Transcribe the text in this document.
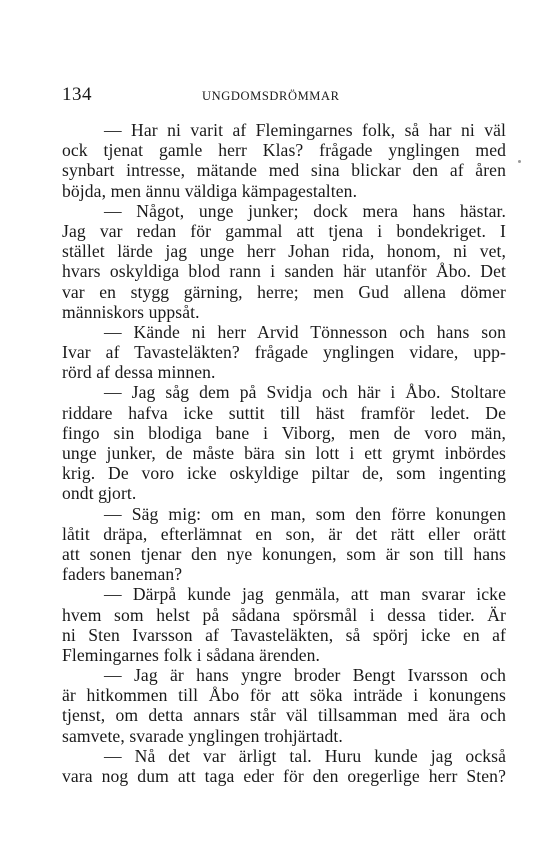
134	UNGDOMSDRÖMMAR
— Har ni varit af Flemingarnes folk, så har ni väl
ock tjenat gamle herr Klas? frågade ynglingen med
synbart intresse, mätande med sina blickar den af åren
böjda, men ännu väldiga kämpagestalten.
— Något, unge junker; dock mera hans hästar.
Jag var redan för gammal att tjena i bondekriget. I
stället lärde jag unge herr Johan rida, honom, ni vet,
hvars oskyldiga blod rann i sanden här utanför Åbo. Det
var en stygg gärning, herre; men Gud allena dömer
människors uppsåt.
— Kände ni herr Arvid Tönnesson och hans son
Ivar af Tavasteläkten? frågade ynglingen vidare, upp-
rörd af dessa minnen.
— Jag såg dem på Svidja och här i Åbo. Stoltare
riddare hafva icke suttit till häst framför ledet. De
fingo sin blodiga bane i Viborg, men de voro män,
unge junker, de måste bära sin lott i ett grymt inbördes
krig. De voro icke oskyldige piltar de, som ingenting
ondt gjort.
— Säg mig: om en man, som den förre konungen
låtit dräpa, efterlämnat en son, är det rätt eller orätt
att sonen tjenar den nye konungen, som är son till hans
faders baneman?
— Därpå kunde jag genmäla, att man svarar icke
hvem som helst på sådana spörsmål i dessa tider. Är
ni Sten Ivarsson af Tavasteläkten, så spörj icke en af
Flemingarnes folk i sådana ärenden.
— Jag är hans yngre broder Bengt Ivarsson och
är hitkommen till Åbo för att söka inträde i konungens
tjenst, om detta annars står väl tillsamman med ära och
samvete, svarade ynglingen trohjärtadt.
— Nå det var ärligt tal. Huru kunde jag också
vara nog dum att taga eder för den oregerlige herr Sten?
